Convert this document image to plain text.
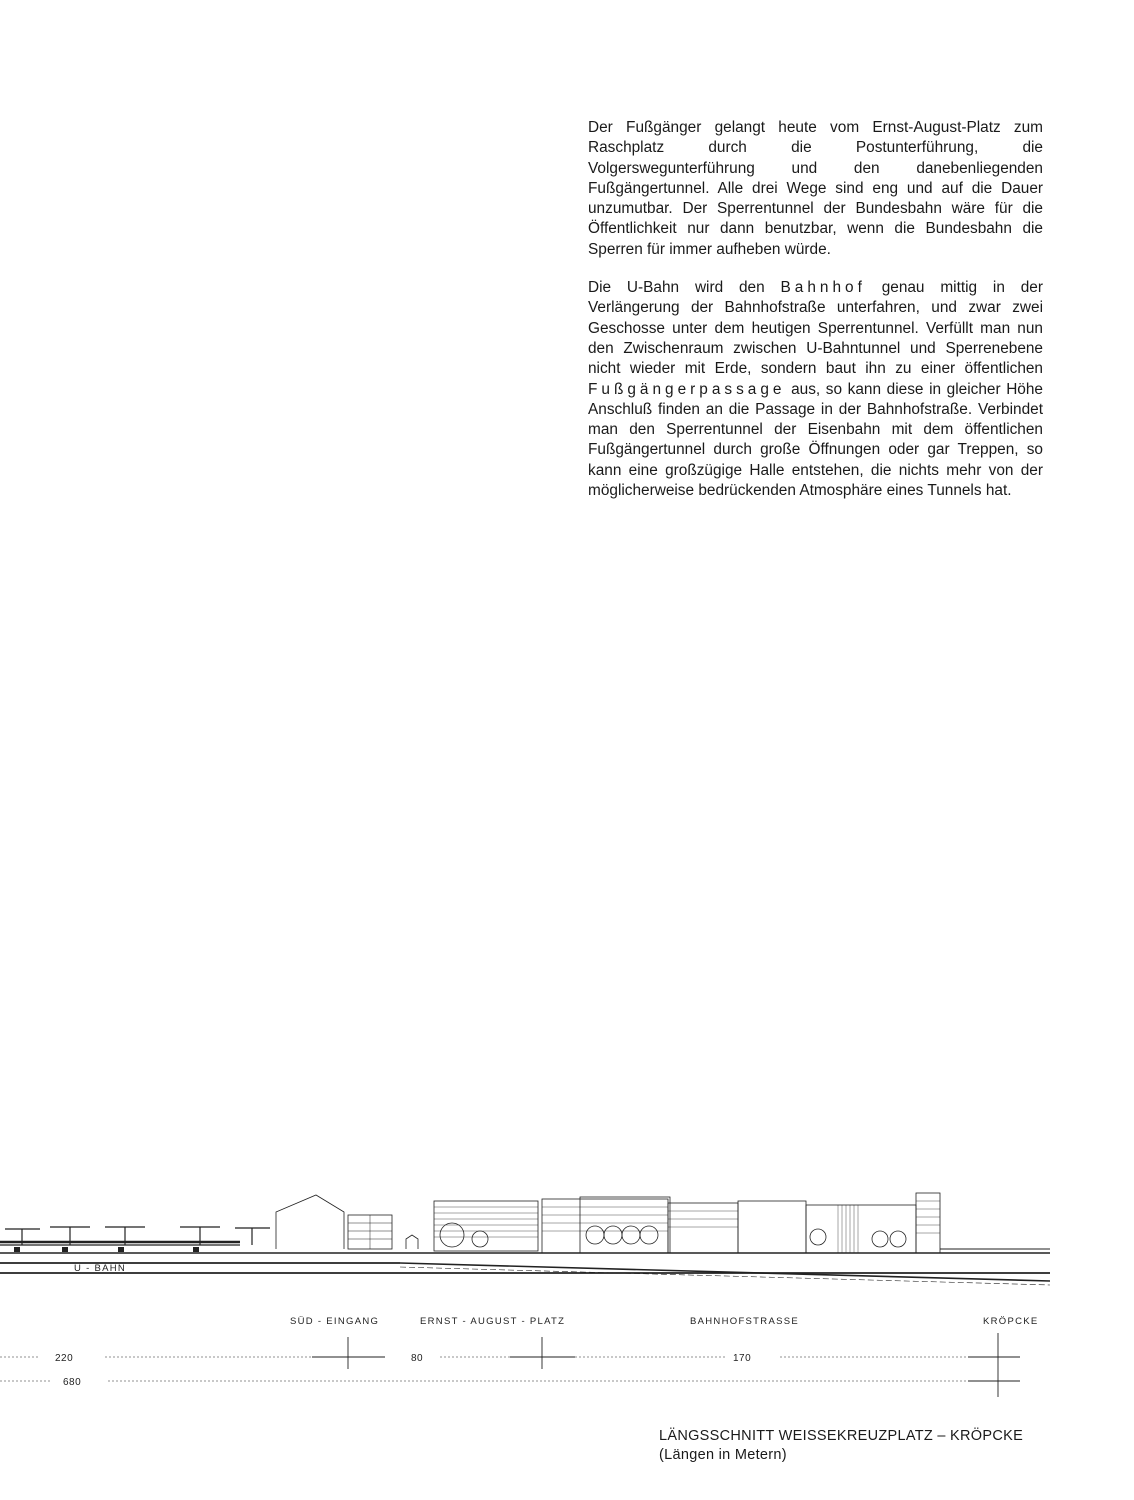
Der Fußgänger gelangt heute vom Ernst-August-Platz zum Raschplatz durch die Postunterführung, die Volgerswegunterführung und den danebenliegenden Fußgängertunnel. Alle drei Wege sind eng und auf die Dauer unzumutbar. Der Sperrentunnel der Bundesbahn wäre für die Öffentlichkeit nur dann benutzbar, wenn die Bundesbahn die Sperren für immer aufheben würde.

Die U-Bahn wird den Bahnhof genau mittig in der Verlängerung der Bahnhofstraße unterfahren, und zwar zwei Geschosse unter dem heutigen Sperrentunnel. Verfüllt man nun den Zwischenraum zwischen U-Bahntunnel und Sperrenebene nicht wieder mit Erde, sondern baut ihn zu einer öffentlichen Fußgängerpassage aus, so kann diese in gleicher Höhe Anschluß finden an die Passage in der Bahnhofstraße. Verbindet man den Sperrentunnel der Eisenbahn mit dem öffentlichen Fußgängertunnel durch große Öffnungen oder gar Treppen, so kann eine großzügige Halle entstehen, die nichts mehr von der möglicherweise bedrückenden Atmosphäre eines Tunnels hat.

U - BAHN
SÜD - EINGANG	ERNST - AUGUST - PLATZ	BAHNHOFSTRASSE	KRÖPCKE
220	80	170
680
LÄNGSSCHNITT WEISSEKREUZPLATZ – KRÖPCKE
(Längen in Metern)
